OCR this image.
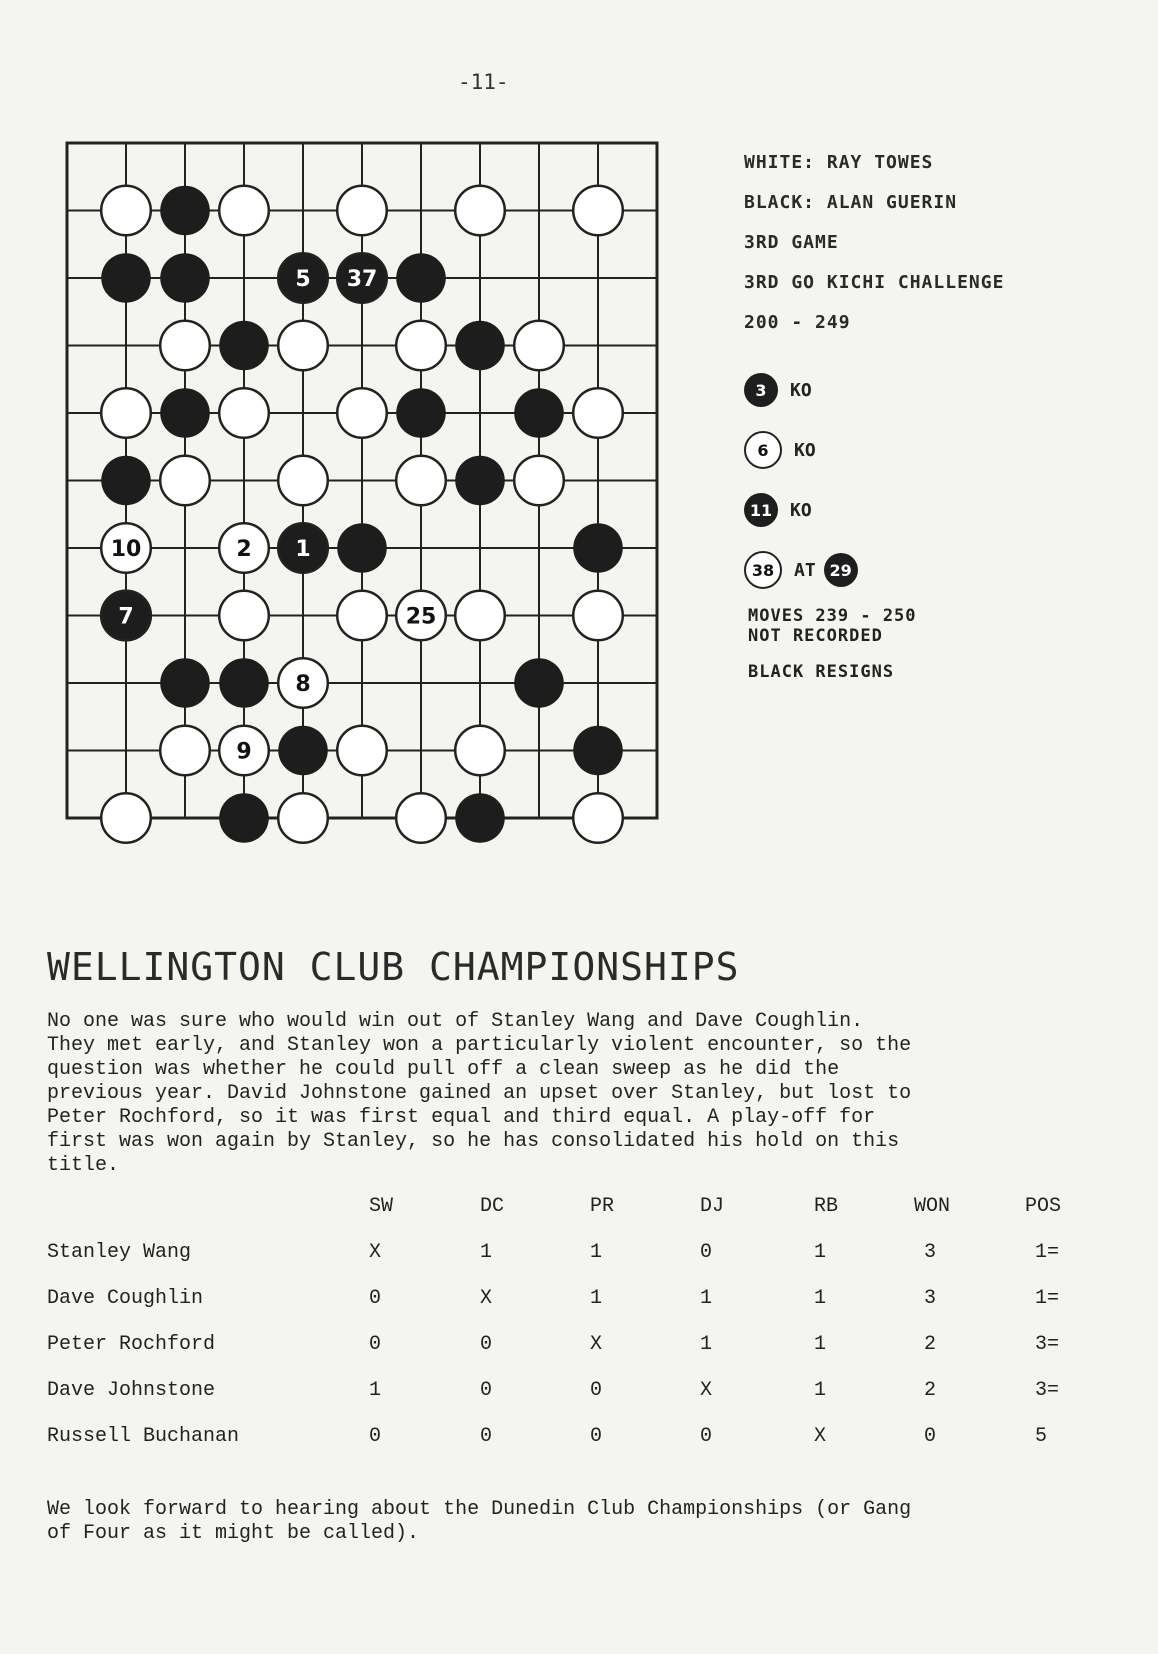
-11-
5 37
2 1
10
7
9
8
25
WHITE: RAY TOWES
BLACK: ALAN GUERIN
3RD GAME
3RD GO KICHI CHALLENGE
200 - 249
3	KO
6	KO
11 KO
38	AT 29
MOVES 239 - 250
NOT RECORDED
BLACK RESIGNS
WELLINGTON CLUB CHAMPIONSHIPS
No one was sure who would win out of Stanley Wang and Dave Coughlin.
They met early, and Stanley won a particularly violent encounter, so the
question was whether he could pull off a clean sweep as he did the
previous year. David Johnstone gained an upset over Stanley, but lost to
Peter Rochford, so it was first equal and third equal. A play-off for
first was won again by Stanley, so he has consolidated his hold on this
title.
SW	DC	PR	DJ	RB	WON	POS
Stanley Wang	X	1	1	0	1	3	1=
Dave Coughlin	0	X	1	1	1	3	1=
Peter Rochford	0	0	X	1	1	2	3=
Dave Johnstone	1	0	0	X	1	2	3=
Russell Buchanan	0	0	0	0	X	0	5
We look forward to hearing about the Dunedin Club Championships (or Gang
of Four as it might be called).
